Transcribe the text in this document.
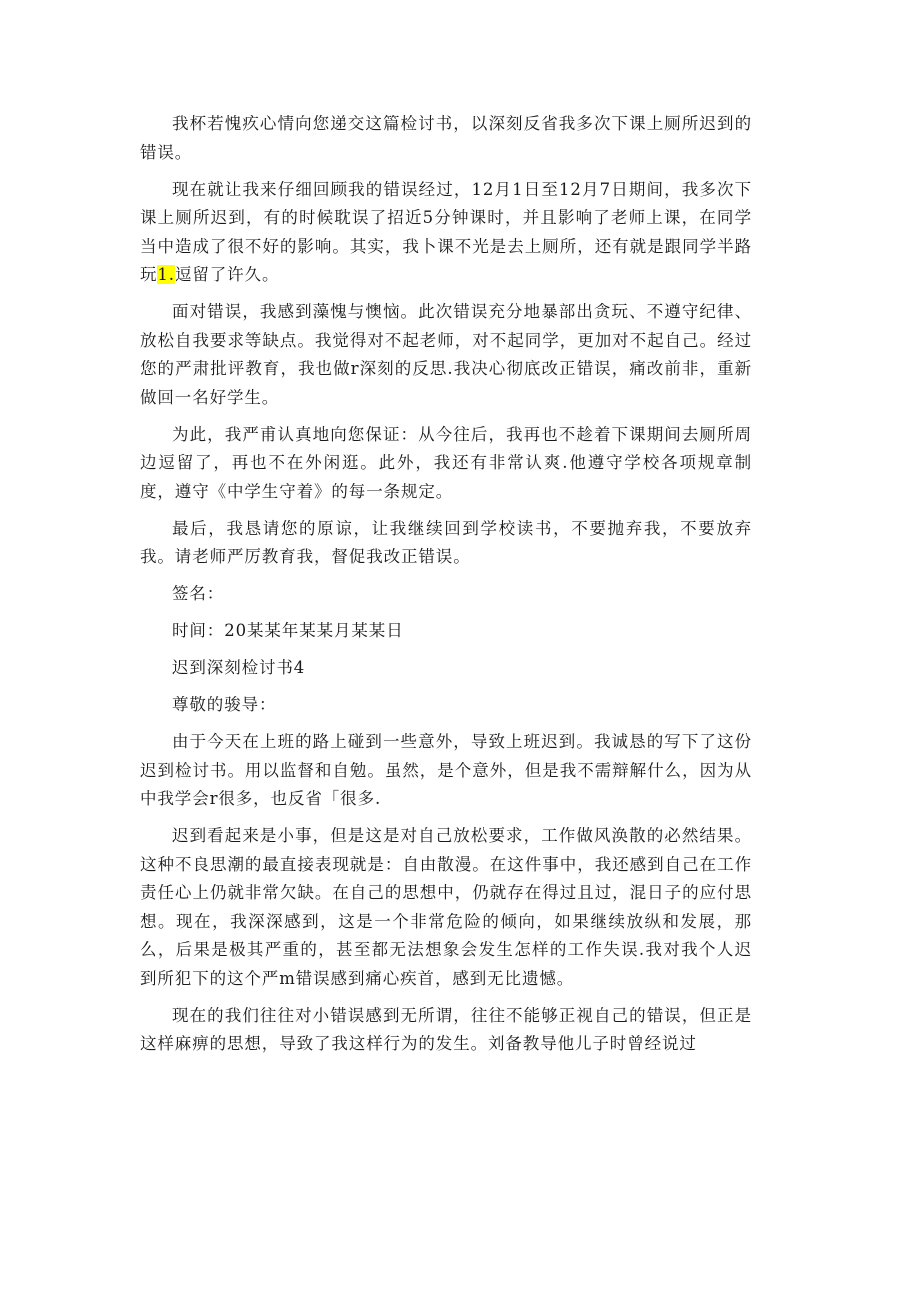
我杯若愧疚心情向您递交这篇检讨书，以深刻反省我多次下课上厕所迟到的错误。

现在就让我来仔细回顾我的错误经过，12月1日至12月7日期间，我多次下课上厕所迟到，有的时候耽误了招近5分钟课时，并且影响了老师上课，在同学当中造成了很不好的影响。其实，我卜课不光是去上厕所，还有就是跟同学半路玩1.逗留了许久。

面对错误，我感到藻愧与懊恼。此次错误充分地暴部出贪玩、不遵守纪律、放松自我要求等缺点。我觉得对不起老师，对不起同学，更加对不起自己。经过您的严肃批评教育，我也做r深刻的反思.我决心彻底改正错误，痛改前非，重新做回一名好学生。

为此，我严甫认真地向您保证：从今往后，我再也不趁着下课期间去厕所周边逗留了，再也不在外闲逛。此外，我还有非常认爽.他遵守学校各项规章制度，遵守《中学生守着》的每一条规定。

最后，我恳请您的原谅，让我继续回到学校读书，不要抛弃我，不要放弃我。请老师严厉教育我，督促我改正错误。

签名：

时间：20某某年某某月某某日

迟到深刻检讨书4

尊敬的骏导：

由于今天在上班的路上碰到一些意外，导致上班迟到。我诚恳的写下了这份迟到检讨书。用以监督和自勉。虽然，是个意外，但是我不需辩解什么，因为从中我学会r很多，也反省「很多.

迟到看起来是小事，但是这是对自己放松要求，工作做风涣散的必然结果。这种不良思潮的最直接表现就是：自由散漫。在这件事中，我还感到自己在工作责任心上仍就非常欠缺。在自己的思想中，仍就存在得过且过，混日子的应付思想。现在，我深深感到，这是一个非常危险的倾向，如果继续放纵和发展，那么，后果是极其严重的，甚至都无法想象会发生怎样的工作失误.我对我个人迟到所犯下的这个严m错误感到痛心疾首，感到无比遗憾。

现在的我们往往对小错误感到无所谓，往往不能够正视自己的错误，但正是这样麻痹的思想，导致了我这样行为的发生。刘备教导他儿子时曾经说过
